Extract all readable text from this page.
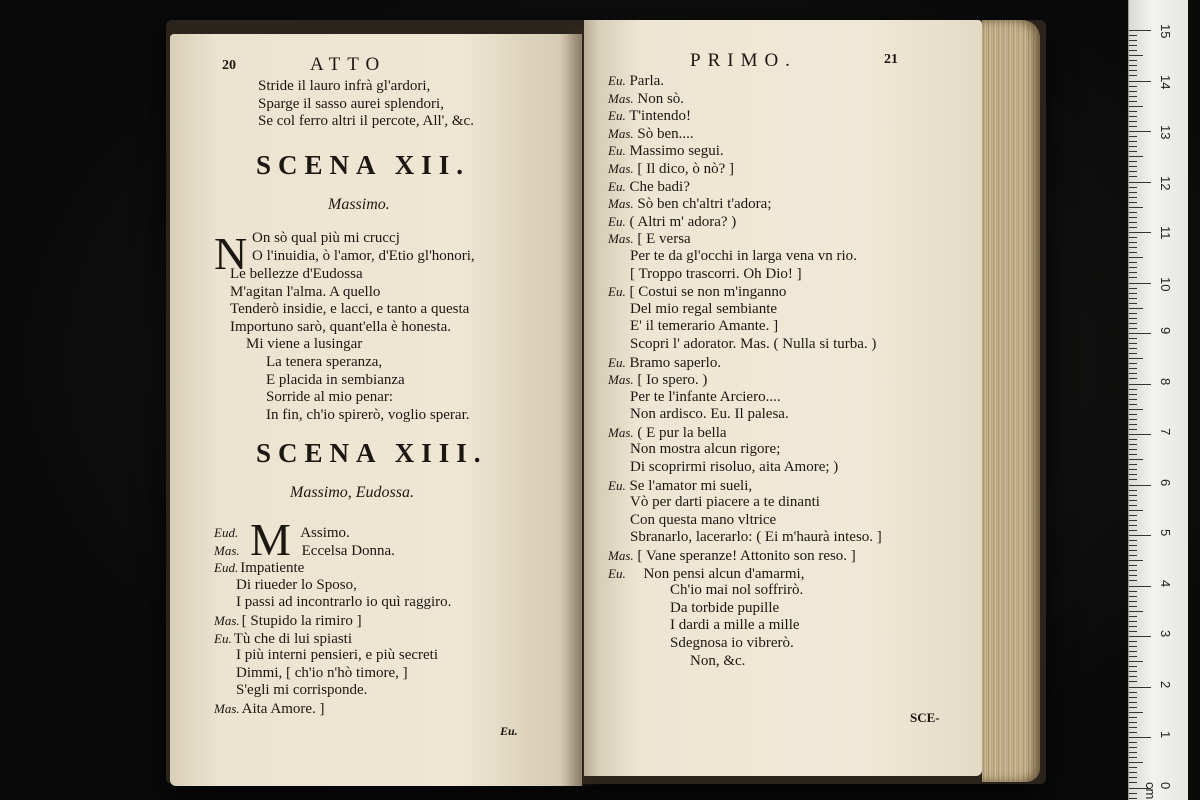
20	ATTO
Stride il lauro infrà gl'ardori,
Sparge il sasso aurei splendori,
Se col ferro altri il percote, All', &c.
SCENA XII.
Massimo.
N On sò qual più mi cruccj
O l'inuidia, ò l'amor, d'Etio gl'honori,
Le bellezze d'Eudossa
M'agitan l'alma. A quello
Tenderò insidie, e lacci, e tanto a questa
Importuno sarò, quant'ella è honesta.
Mi viene a lusingar
La tenera speranza,
E placida in sembianza
Sorride al mio penar:
In fin, ch'io spirerò, voglio sperar.
SCENA XIII.
Massimo, Eudossa.
M
Eud.	Assimo.
Mas.	Eccelsa Donna.
Eud. Impatiente
Di riueder lo Sposo,
I passi ad incontrarlo io quì raggiro.
Mas. [ Stupido la rimiro ]
Eu. Tù che di lui spiasti
I più interni pensieri, e più secreti
Dimmi, [ ch'io n'hò timore, ]
S'egli mi corrisponde.
Mas. Aita Amore. ]
Eu.
PRIMO.	21
Eu. Parla.
Mas. Non sò.
Eu. T'intendo!
Mas. Sò ben....
Eu. Massimo segui.
Mas. [ Il dico, ò nò? ]
Eu. Che badi?
Mas. Sò ben ch'altri t'adora;
Eu. ( Altri m' adora? )
Mas. [ E versa
Per te da gl'occhi in larga vena vn rio.
[ Troppo trascorri. Oh Dio! ]
Eu. [ Costui se non m'inganno
Del mio regal sembiante
E' il temerario Amante. ]
Scopri l' adorator. Mas. ( Nulla si turba. )
Eu. Bramo saperlo.
Mas. [ Io spero. )
Per te l'infante Arciero....
Non ardisco. Eu. Il palesa.
Mas. ( E pur la bella
Non mostra alcun rigore;
Di scoprirmi risoluo, aita Amore; )
Eu. Se l'amator mi sueli,
Vò per darti piacere a te dinanti
Con questa mano vltrice
Sbranarlo, lacerarlo: ( Ei m'haurà inteso. ]
Mas. [ Vane speranze! Attonito son reso. ]
Eu. Non pensi alcun d'amarmi,
Ch'io mai nol soffrirò.
Da torbide pupille
I dardi a mille a mille
Sdegnosa io vibrerò.
Non, &c.
SCE-
15
14
13
12
11
10
9
8
7
6
5
4
3
2
1
0 cm
